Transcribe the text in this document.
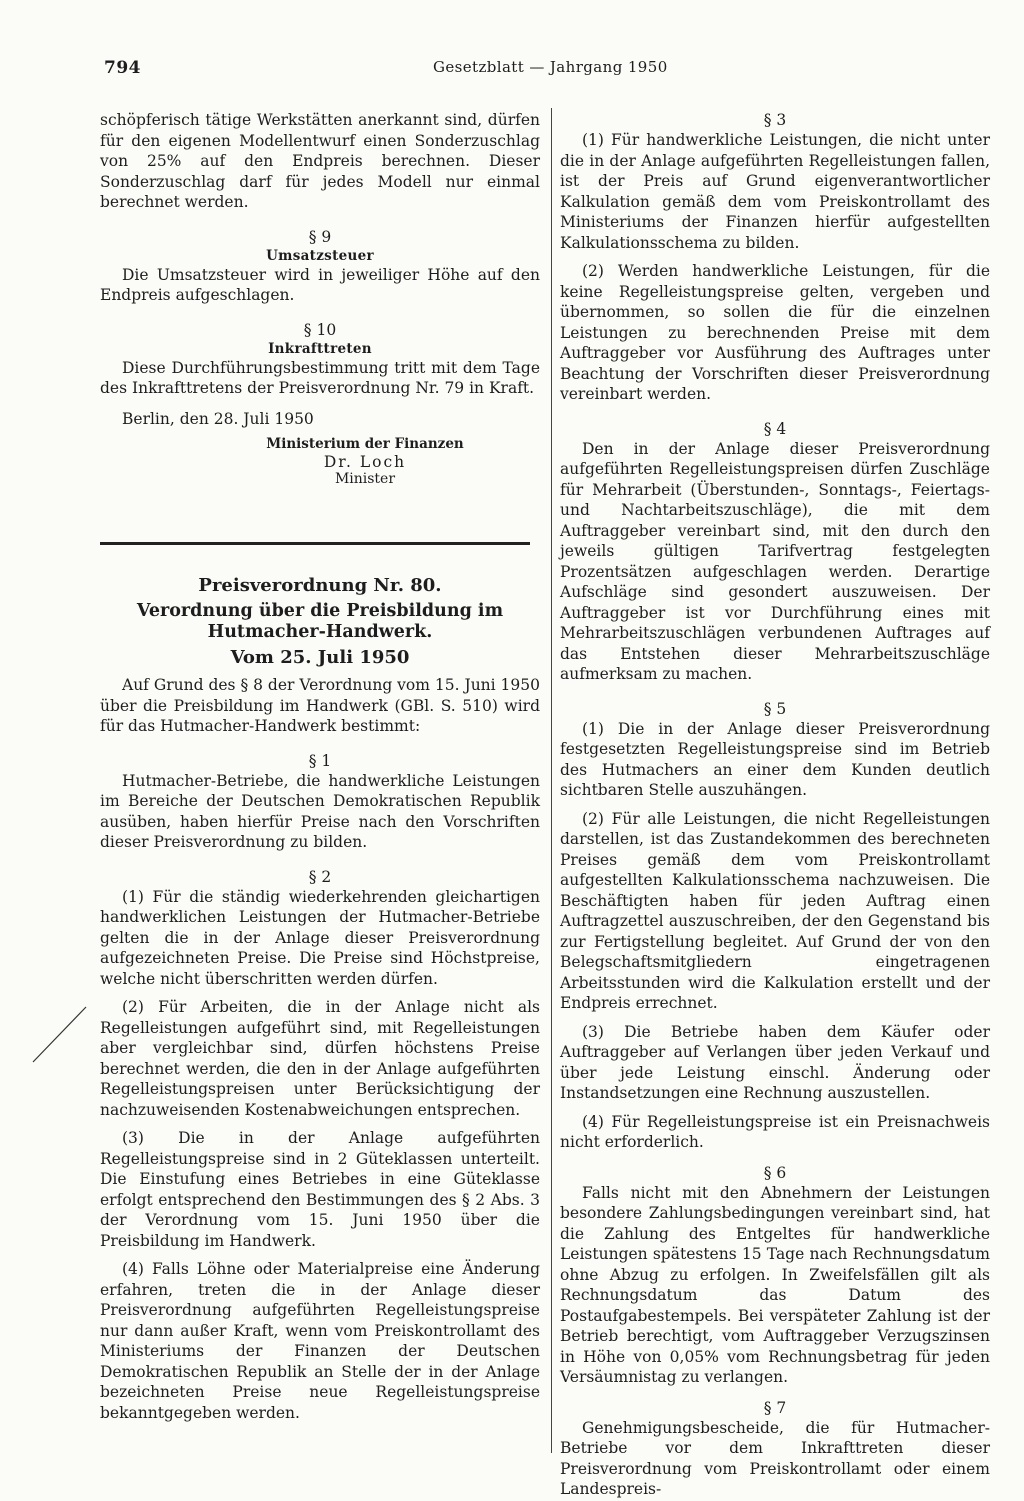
794	Gesetzblatt — Jahrgang 1950

schöpferisch tätige Werkstätten anerkannt sind, dürfen für den eigenen Modellentwurf einen Sonderzuschlag von 25% auf den Endpreis berechnen. Dieser Sonderzuschlag darf für jedes Modell nur einmal berechnet werden.

§ 9
Umsatzsteuer

Die Umsatzsteuer wird in jeweiliger Höhe auf den Endpreis aufgeschlagen.

§ 10
Inkrafttreten

Diese Durchführungsbestimmung tritt mit dem Tage des Inkrafttretens der Preisverordnung Nr. 79 in Kraft.

Berlin, den 28. Juli 1950

Ministerium der Finanzen
Dr. Loch
Minister
Preisverordnung Nr. 80.
Verordnung über die Preisbildung im Hutmacher-Handwerk.
Vom 25. Juli 1950

Auf Grund des § 8 der Verordnung vom 15. Juni 1950 über die Preisbildung im Handwerk (GBl. S. 510) wird für das Hutmacher-Handwerk bestimmt:

§ 1

Hutmacher-Betriebe, die handwerkliche Leistungen im Bereiche der Deutschen Demokratischen Republik ausüben, haben hierfür Preise nach den Vorschriften dieser Preisverordnung zu bilden.

§ 2

(1) Für die ständig wiederkehrenden gleichartigen handwerklichen Leistungen der Hutmacher-Betriebe gelten die in der Anlage dieser Preisverordnung aufgezeichneten Preise. Die Preise sind Höchstpreise, welche nicht überschritten werden dürfen.

(2) Für Arbeiten, die in der Anlage nicht als Regelleistungen aufgeführt sind, mit Regelleistungen aber vergleichbar sind, dürfen höchstens Preise berechnet werden, die den in der Anlage aufgeführten Regelleistungspreisen unter Berücksichtigung der nachzuweisenden Kostenabweichungen entsprechen.

(3) Die in der Anlage aufgeführten Regelleistungspreise sind in 2 Güteklassen unterteilt. Die Einstufung eines Betriebes in eine Güteklasse erfolgt entsprechend den Bestimmungen des § 2 Abs. 3 der Verordnung vom 15. Juni 1950 über die Preisbildung im Handwerk.

(4) Falls Löhne oder Materialpreise eine Änderung erfahren, treten die in der Anlage dieser Preisverordnung aufgeführten Regelleistungspreise nur dann außer Kraft, wenn vom Preiskontrollamt des Ministeriums der Finanzen der Deutschen Demokratischen Republik an Stelle der in der Anlage bezeichneten Preise neue Regelleistungspreise bekanntgegeben werden.

§ 3

(1) Für handwerkliche Leistungen, die nicht unter die in der Anlage aufgeführten Regelleistungen fallen, ist der Preis auf Grund eigenverantwortlicher Kalkulation gemäß dem vom Preiskontrollamt des Ministeriums der Finanzen hierfür aufgestellten Kalkulationsschema zu bilden.

(2) Werden handwerkliche Leistungen, für die keine Regelleistungspreise gelten, vergeben und übernommen, so sollen die für die einzelnen Leistungen zu berechnenden Preise mit dem Auftraggeber vor Ausführung des Auftrages unter Beachtung der Vorschriften dieser Preisverordnung vereinbart werden.

§ 4

Den in der Anlage dieser Preisverordnung aufgeführten Regelleistungspreisen dürfen Zuschläge für Mehrarbeit (Überstunden-, Sonntags-, Feiertags- und Nachtarbeitszuschläge), die mit dem Auftraggeber vereinbart sind, mit den durch den jeweils gültigen Tarifvertrag festgelegten Prozentsätzen aufgeschlagen werden. Derartige Aufschläge sind gesondert auszuweisen. Der Auftraggeber ist vor Durchführung eines mit Mehrarbeitszuschlägen verbundenen Auftrages auf das Entstehen dieser Mehrarbeitszuschläge aufmerksam zu machen.

§ 5

(1) Die in der Anlage dieser Preisverordnung festgesetzten Regelleistungspreise sind im Betrieb des Hutmachers an einer dem Kunden deutlich sichtbaren Stelle auszuhängen.

(2) Für alle Leistungen, die nicht Regelleistungen darstellen, ist das Zustandekommen des berechneten Preises gemäß dem vom Preiskontrollamt aufgestellten Kalkulationsschema nachzuweisen. Die Beschäftigten haben für jeden Auftrag einen Auftragzettel auszuschreiben, der den Gegenstand bis zur Fertigstellung begleitet. Auf Grund der von den Belegschaftsmitgliedern eingetragenen Arbeitsstunden wird die Kalkulation erstellt und der Endpreis errechnet.

(3) Die Betriebe haben dem Käufer oder Auftraggeber auf Verlangen über jeden Verkauf und über jede Leistung einschl. Änderung oder Instandsetzungen eine Rechnung auszustellen.

(4) Für Regelleistungspreise ist ein Preisnachweis nicht erforderlich.

§ 6

Falls nicht mit den Abnehmern der Leistungen besondere Zahlungsbedingungen vereinbart sind, hat die Zahlung des Entgeltes für handwerkliche Leistungen spätestens 15 Tage nach Rechnungsdatum ohne Abzug zu erfolgen. In Zweifelsfällen gilt als Rechnungsdatum das Datum des Postaufgabestempels. Bei verspäteter Zahlung ist der Betrieb berechtigt, vom Auftraggeber Verzugszinsen in Höhe von 0,05% vom Rechnungsbetrag für jeden Versäumnistag zu verlangen.

§ 7

Genehmigungsbescheide, die für Hutmacher-Betriebe vor dem Inkrafttreten dieser Preisverordnung vom Preiskontrollamt oder einem Landespreis-
